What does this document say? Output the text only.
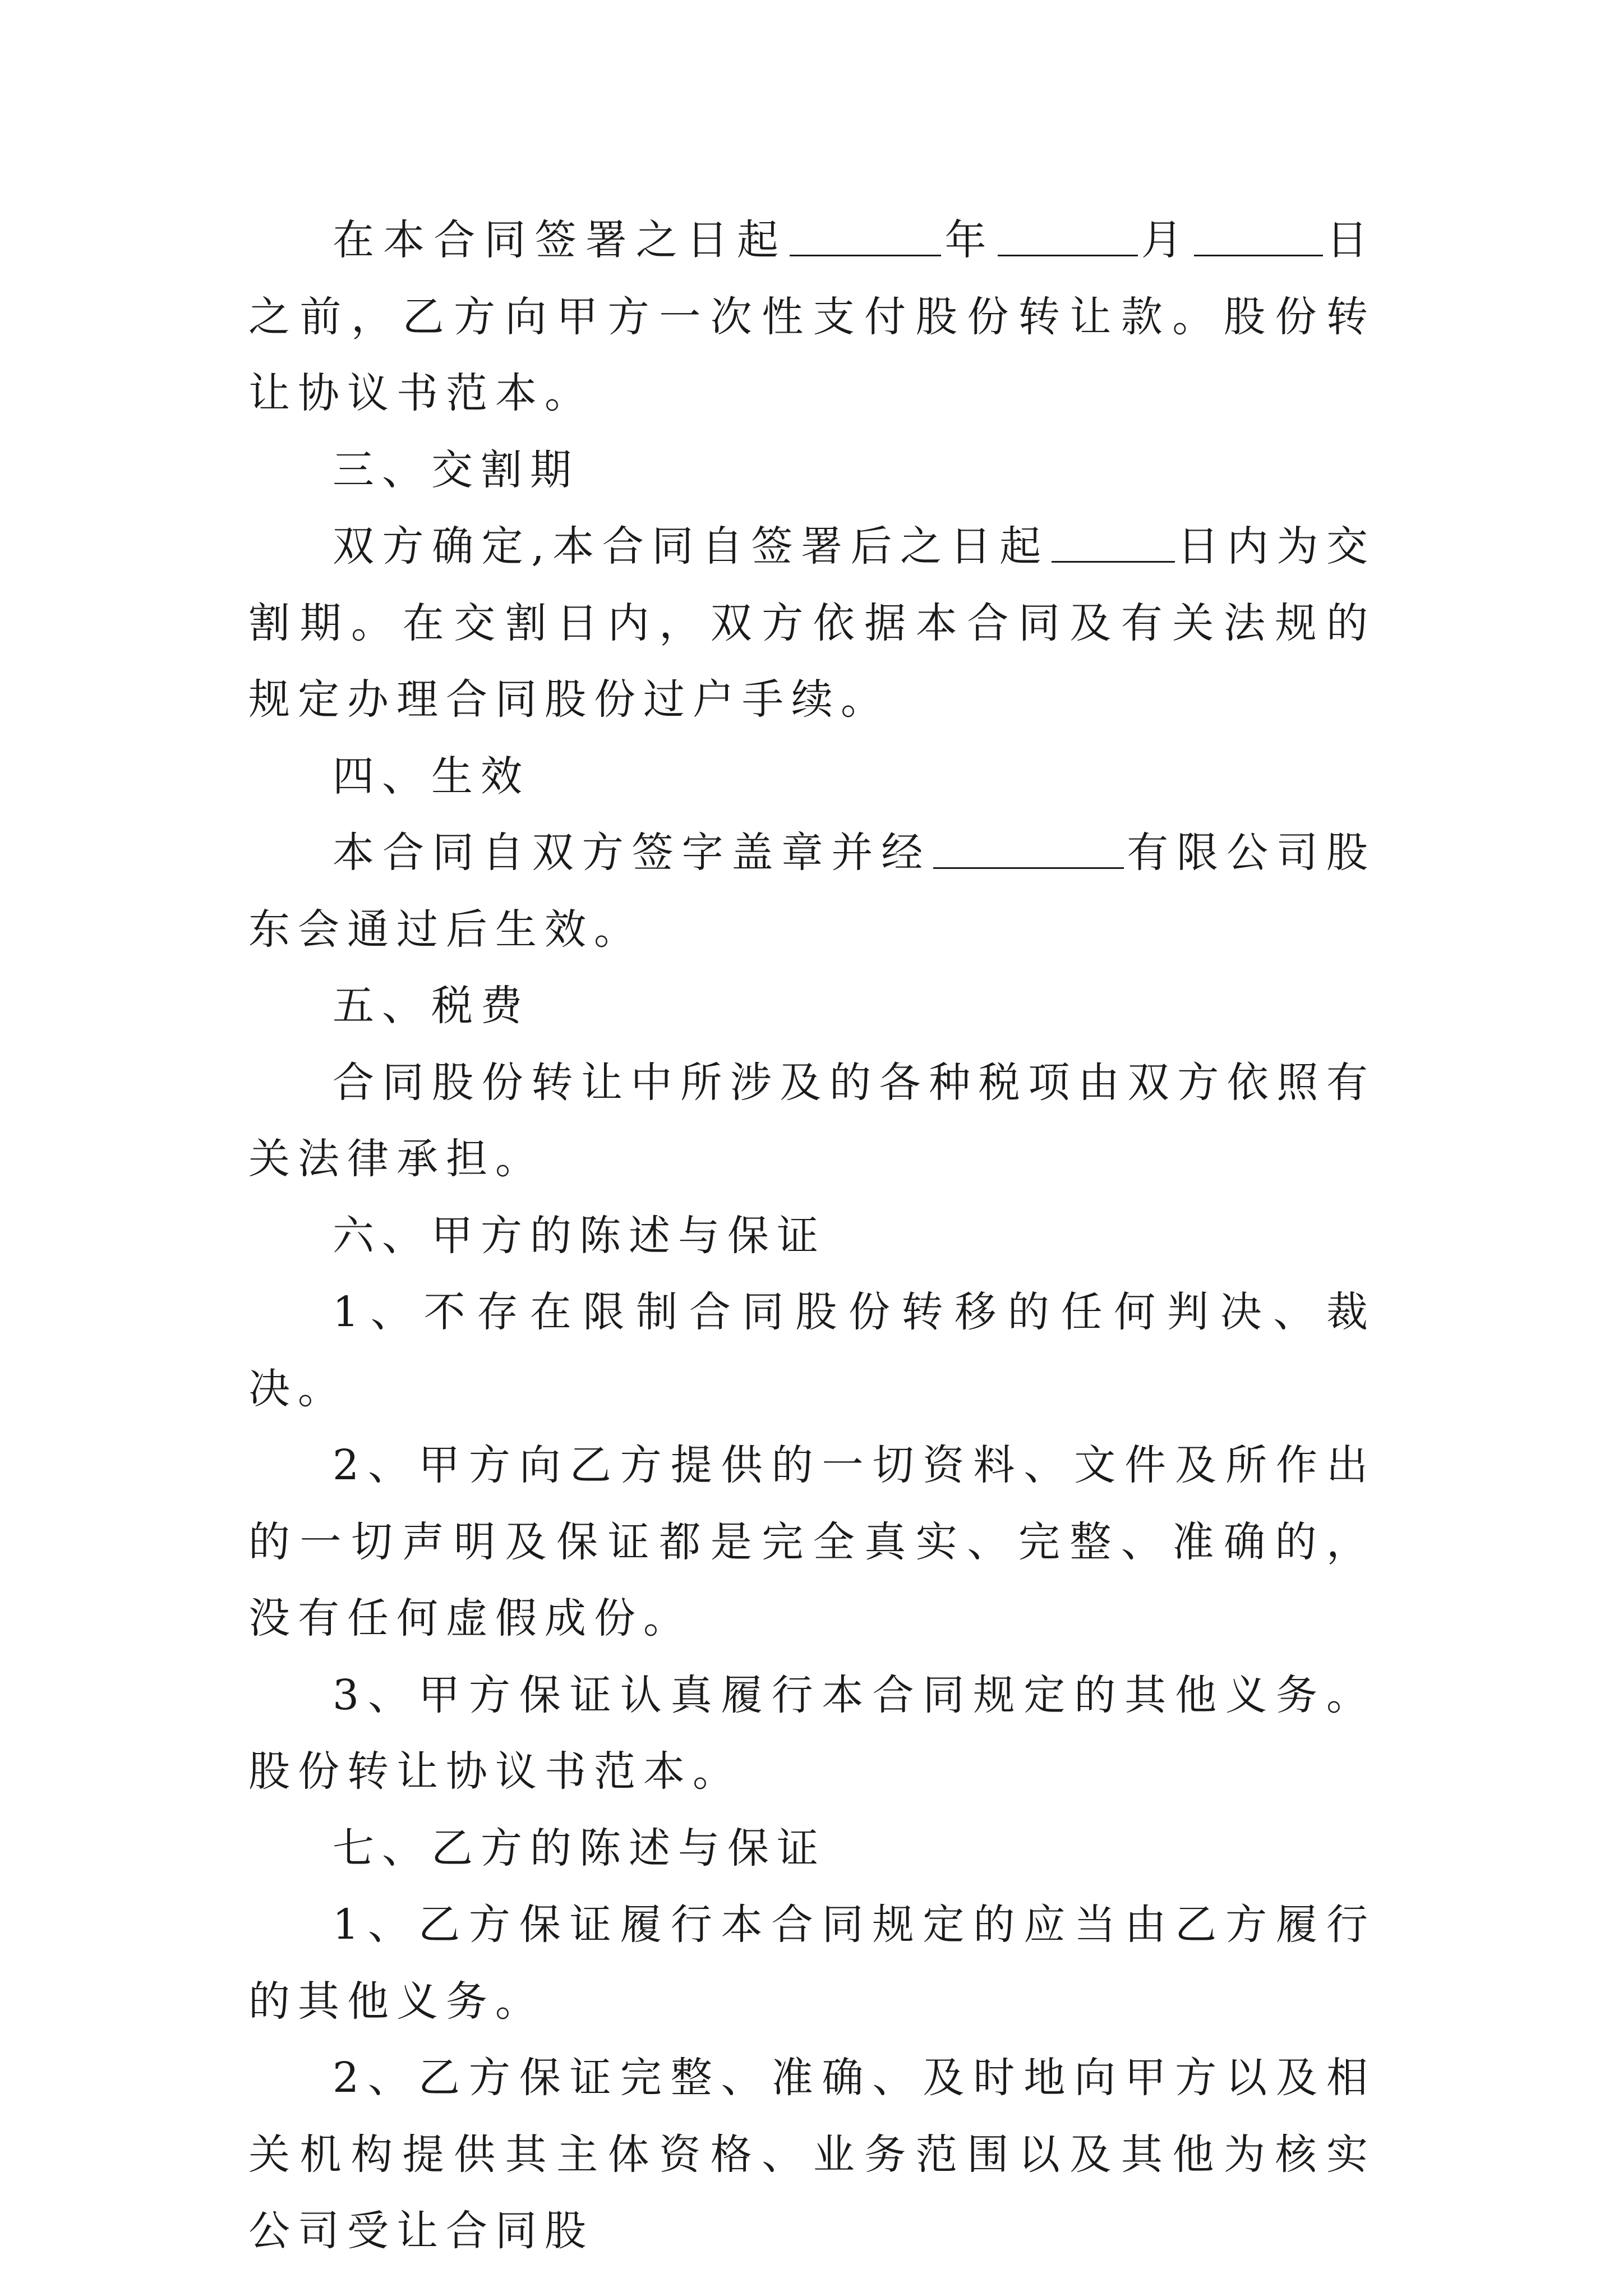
在本合同签署之日起	年	月	日之前，乙方向甲方一次性支付股份转让款。股份转让协议书范本。

三、交割期

双方确定,本合同自签署后之日起	日内为交割期。在交割日内，双方依据本合同及有关法规的规定办理合同股份过户手续。

四、生效

本合同自双方签字盖章并经	有限公司股东会通过后生效。

五、税费

合同股份转让中所涉及的各种税项由双方依照有关法律承担。

六、甲方的陈述与保证

1、不存在限制合同股份转移的任何判决、裁决。

2、甲方向乙方提供的一切资料、文件及所作出的一切声明及保证都是完全真实、完整、准确的，没有任何虚假成份。

3、甲方保证认真履行本合同规定的其他义务。股份转让协议书范本。

七、乙方的陈述与保证

1、乙方保证履行本合同规定的应当由乙方履行的其他义务。

2、乙方保证完整、准确、及时地向甲方以及相关机构提供其主体资格、业务范围以及其他为核实公司受让合同股
